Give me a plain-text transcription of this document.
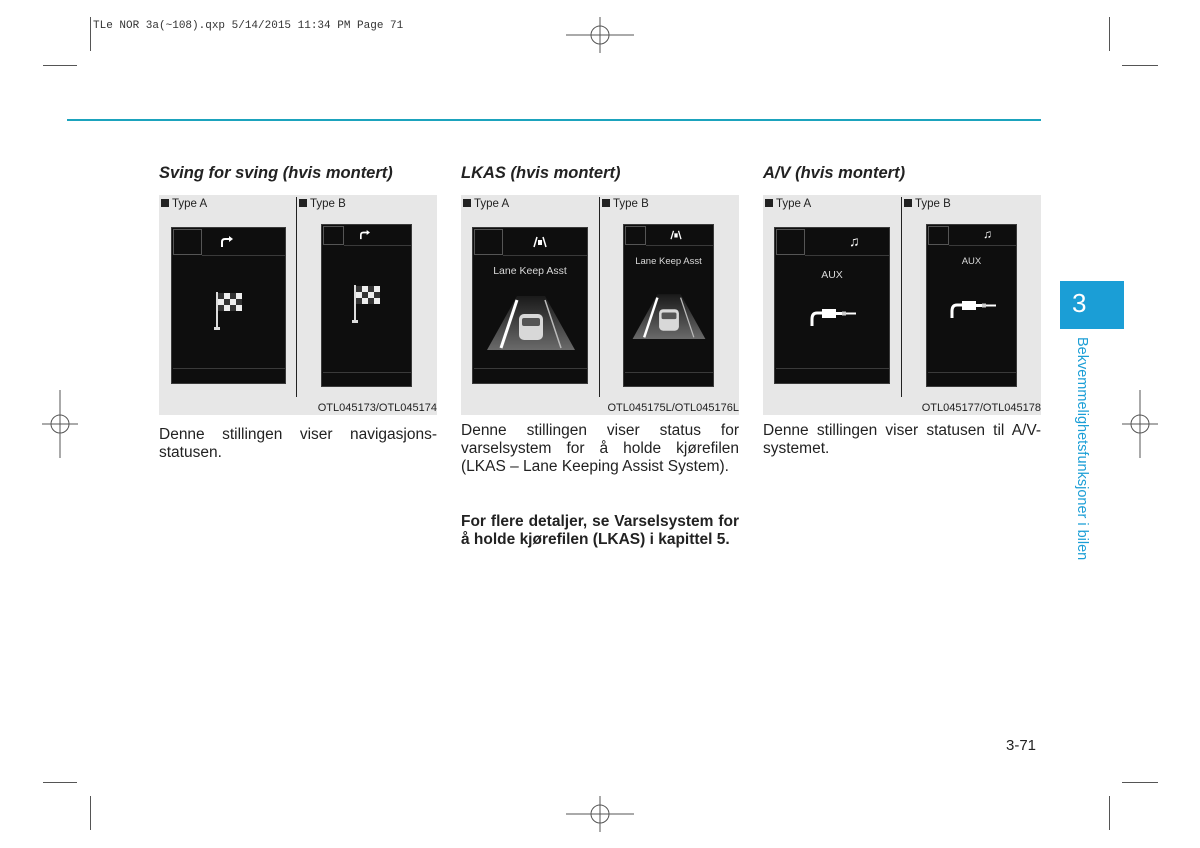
TLe NOR 3a(~108).qxp 5/14/2015 11:34 PM Page 71
Sving for sving (hvis montert)
Type A	Type B
OTL045173/OTL045174
Denne stillingen viser navigasjons-statusen.
LKAS (hvis montert)
Type A	Type B
Lane Keep Asst
Lane Keep Asst
OTL045175L/OTL045176L
Denne stillingen viser status for varselsystem for å holde kjørefilen (LKAS – Lane Keeping Assist System).
For flere detaljer, se Varselsystem for å holde kjørefilen (LKAS) i kapittel 5.
A/V (hvis montert)
Type A	Type B
♫
AUX
♫
AUX
OTL045177/OTL045178
Denne stillingen viser statusen til A/V-systemet.
3
Bekvemmelighetsfunksjoner i bilen
3-71
